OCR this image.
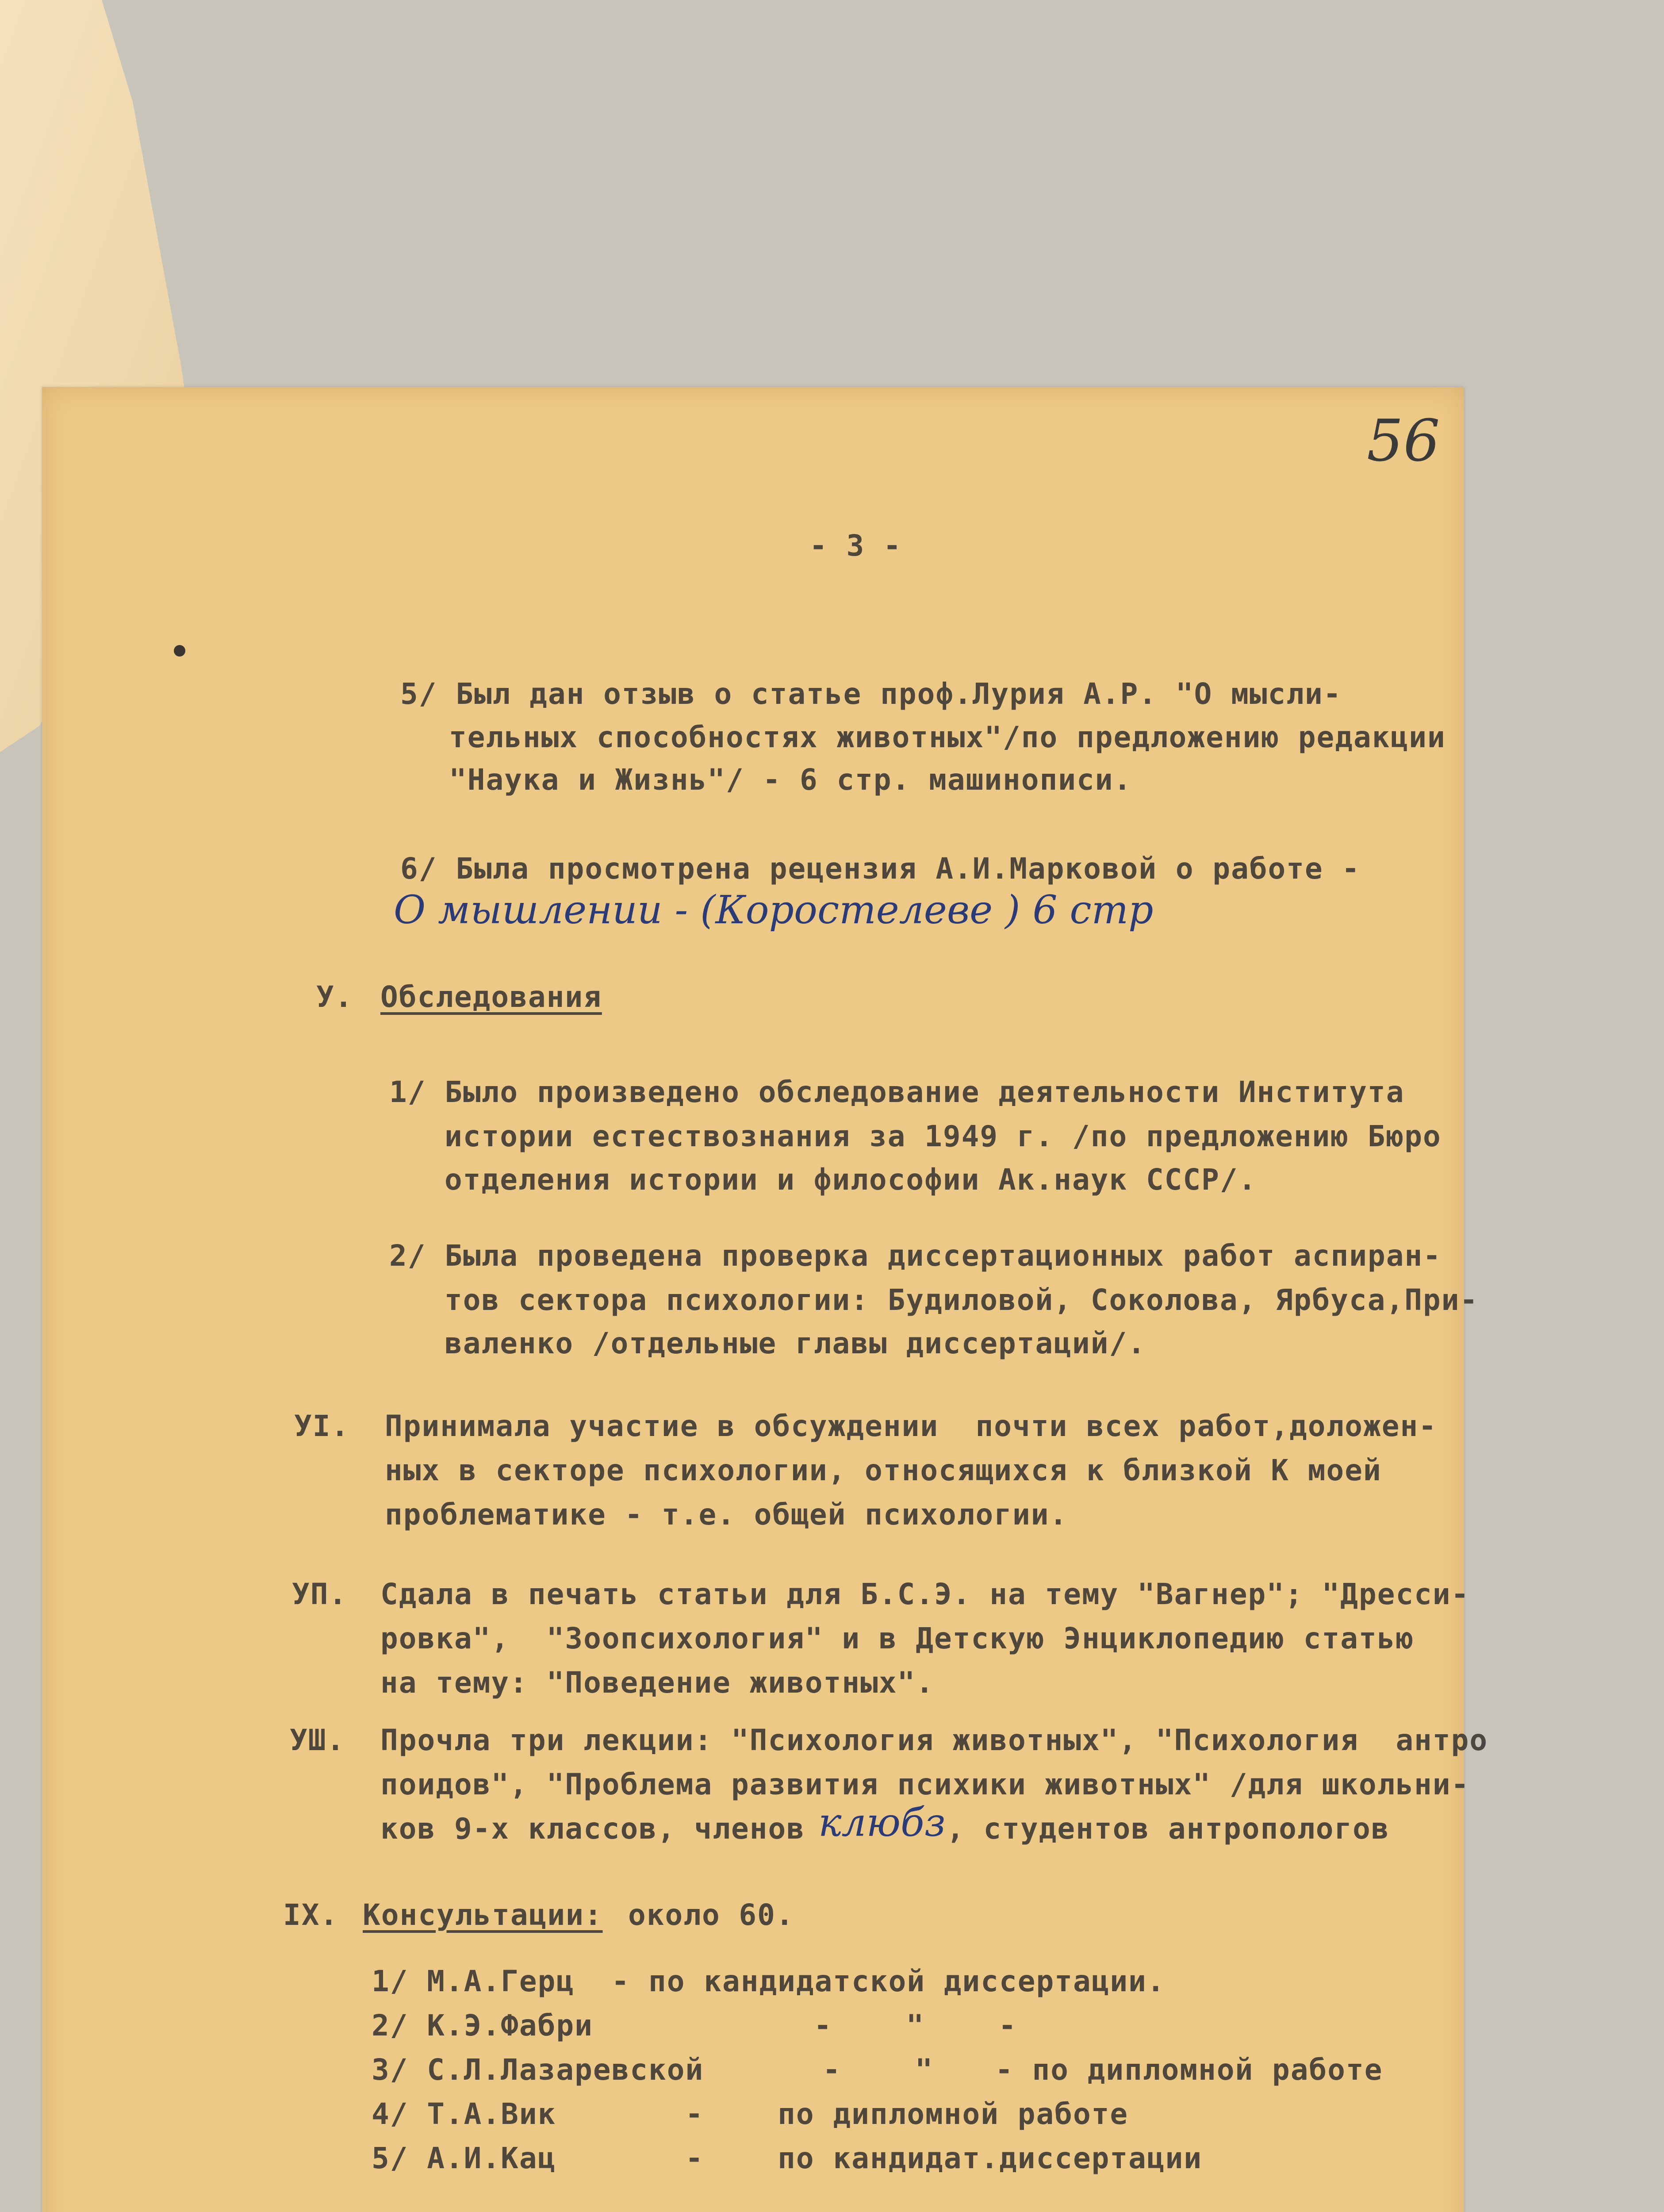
56
- 3 -
5/ Был дан отзыв о статье проф.Лурия А.Р. "О мысли-
тельных способностях животных"/по предложению редакции
"Наука и Жизнь"/ - 6 стр. машинописи.
6/ Была просмотрена рецензия А.И.Марковой о работе -
О мышлении - (Коростелеве ) 6 стр
У. Обследования
1/ Было произведено обследование деятельности Института
истории естествознания за 1949 г. /по предложению Бюро
отделения истории и философии Ак.наук СССР/.
2/ Была проведена проверка диссертационных работ аспиран-
тов сектора психологии: Будиловой, Соколова, Ярбуса,При-
валенко /отдельные главы диссертаций/.
УI. Принимала участие в обсуждении  почти всех работ,доложен-
ных в секторе психологии, относящихся к близкой К моей
проблематике - т.е. общей психологии.
УП. Сдала в печать статьи для Б.С.Э. на тему "Вагнер"; "Дресси-
ровка",  "Зоопсихология" и в Детскую Энциклопедию статью
на тему: "Поведение животных".
УШ. Прочла три лекции: "Психология животных", "Психология  антро
поидов", "Проблема развития психики животных" /для школьни-
ков 9-х классов, членов клюбз , студентов антропологов
IX. Консультации: около 60.
1/ М.А.Герц  - по кандидатской диссертации.
2/ К.Э.Фабри	-    "    -
3/ С.Л.Лазаревской	-    " - по дипломной работе
4/ Т.А.Вик       -    по дипломной работе
5/ А.И.Кац       -    по кандидат.диссертации
